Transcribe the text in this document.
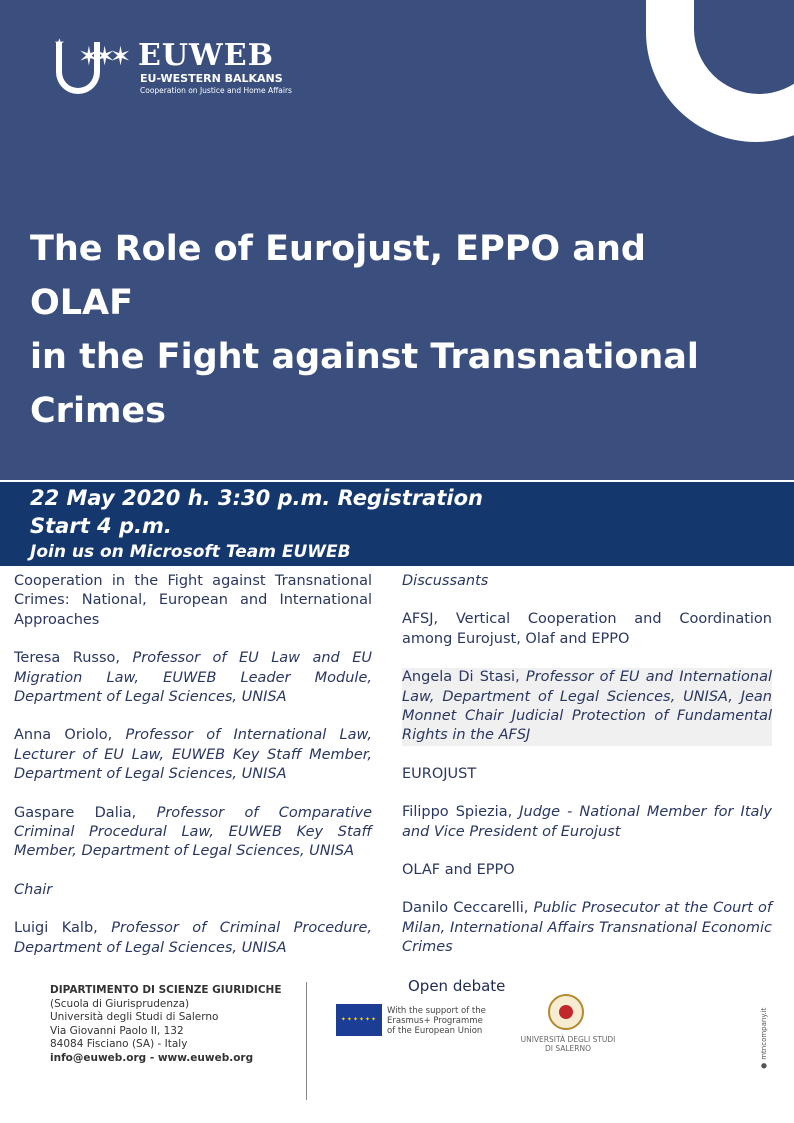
★ ✶✶✶ EUWEB
EU-WESTERN BALKANS
Cooperation on Justice and Home Affairs
The Role of Eurojust, EPPO and OLAF
in the Fight against Transnational
Crimes
22 May 2020 h. 3:30 p.m. Registration
Start 4 p.m.
Join us on Microsoft Team EUWEB

Cooperation in the Fight against Transnational Crimes: National, European and International Approaches

Teresa Russo, Professor of EU Law and EU Migration Law, EUWEB Leader Module, Department of Legal Sciences, UNISA

Anna Oriolo, Professor of International Law, Lecturer of EU Law, EUWEB Key Staff Member, Department of Legal Sciences, UNISA

Gaspare Dalia, Professor of Comparative Criminal Procedural Law, EUWEB Key Staff Member, Department of Legal Sciences, UNISA

Chair

Luigi Kalb, Professor of Criminal Procedure, Department of Legal Sciences, UNISA

Discussants

AFSJ, Vertical Cooperation and Coordination among Eurojust, Olaf and EPPO

Angela Di Stasi, Professor of EU and International Law, Department of Legal Sciences, UNISA, Jean Monnet Chair Judicial Protection of Fundamental Rights in the AFSJ

EUROJUST

Filippo Spiezia, Judge - National Member for Italy and Vice President of Eurojust

OLAF and EPPO

Danilo Ceccarelli, Public Prosecutor at the Court of Milan, International Affairs Transnational Economic Crimes

Open debate
DIPARTIMENTO DI SCIENZE GIURIDICHE
(Scuola di Giurisprudenza)
Università degli Studi di Salerno
Via Giovanni Paolo II, 132
84084 Fisciano (SA) - Italy
info@euweb.org - www.euweb.org
✦✦✦✦✦✦
With the support of the
Erasmus+ Programme
of the European Union
UNIVERSITÀ DEGLI STUDI
DI SALERNO	● mtncompany.it
